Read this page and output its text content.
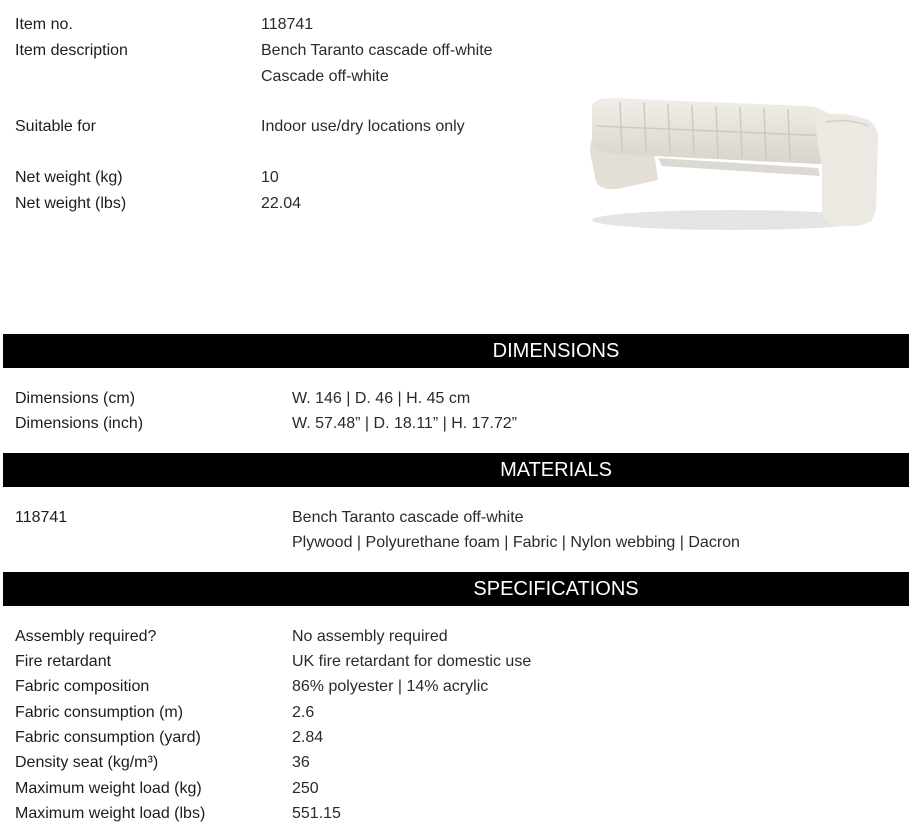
Item no.	118741
Item description	Bench Taranto cascade off-white
Cascade off-white
Suitable for	Indoor use/dry locations only
Net weight (kg)	10
Net weight (lbs)	22.04
DIMENSIONS
Dimensions (cm)	W. 146 | D. 46 | H. 45 cm
Dimensions (inch)	W. 57.48” | D. 18.11” | H. 17.72”
MATERIALS
118741	Bench Taranto cascade off-white
Plywood | Polyurethane foam | Fabric | Nylon webbing | Dacron
SPECIFICATIONS
Assembly required?	No assembly required
Fire retardant	UK fire retardant for domestic use
Fabric composition	86% polyester | 14% acrylic
Fabric consumption (m)	2.6
Fabric consumption (yard)	2.84
Density seat (kg/m³)	36
Maximum weight load (kg)	250
Maximum weight load (lbs)	551.15
